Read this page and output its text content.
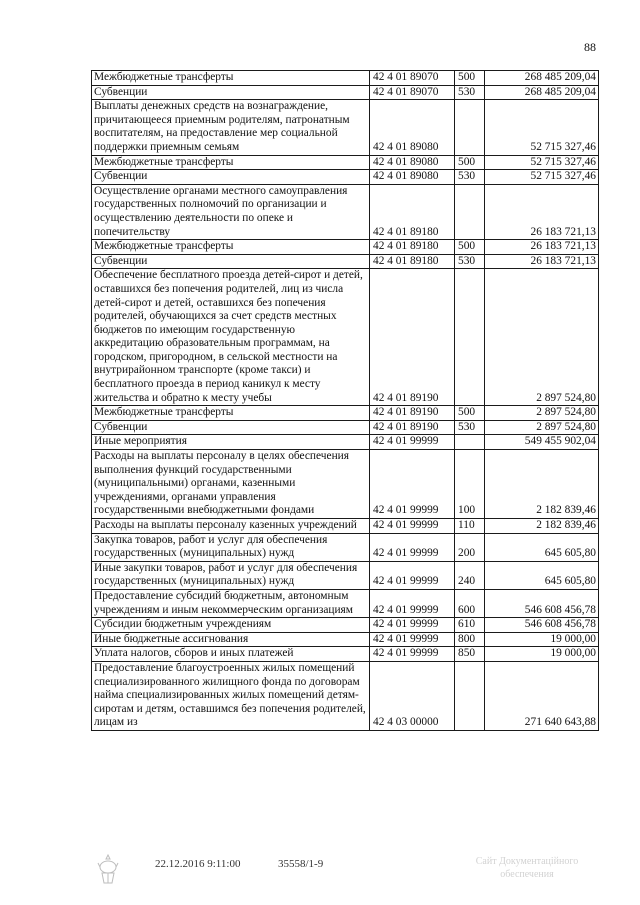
88
Межбюджетные трансферты	42 4 01 89070	500	268 485 209,04
Субвенции	42 4 01 89070	530	268 485 209,04
Выплаты денежных средств на вознаграждение, причитающееся приемным родителям, патронатным воспитателям, на предоставление мер социальной поддержки приемным семьям	42 4 01 89080		52 715 327,46
Межбюджетные трансферты	42 4 01 89080	500	52 715 327,46
Субвенции	42 4 01 89080	530	52 715 327,46
Осуществление органами местного самоуправления государственных полномочий по организации и осуществлению деятельности по опеке и попечительству	42 4 01 89180		26 183 721,13
Межбюджетные трансферты	42 4 01 89180	500	26 183 721,13
Субвенции	42 4 01 89180	530	26 183 721,13
Обеспечение бесплатного проезда детей-сирот и детей, оставшихся без попечения родителей, лиц из числа детей-сирот и детей, оставшихся без попечения родителей, обучающихся за счет средств местных бюджетов по имеющим государственную аккредитацию образовательным программам, на городском, пригородном, в сельской местности на внутрирайонном транспорте (кроме такси) и бесплатного проезда в период каникул к месту жительства и обратно к месту учебы	42 4 01 89190		2 897 524,80
Межбюджетные трансферты	42 4 01 89190	500	2 897 524,80
Субвенции	42 4 01 89190	530	2 897 524,80
Иные мероприятия	42 4 01 99999		549 455 902,04
Расходы на выплаты персоналу в целях обеспечения выполнения функций государственными (муниципальными) органами, казенными учреждениями, органами управления государственными внебюджетными фондами	42 4 01 99999	100	2 182 839,46
Расходы на выплаты персоналу казенных учреждений	42 4 01 99999	110	2 182 839,46
Закупка товаров, работ и услуг для обеспечения государственных (муниципальных) нужд	42 4 01 99999	200	645 605,80
Иные закупки товаров, работ и услуг для обеспечения государственных (муниципальных) нужд	42 4 01 99999	240	645 605,80
Предоставление субсидий бюджетным, автономным учреждениям и иным некоммерческим организациям	42 4 01 99999	600	546 608 456,78
Субсидии бюджетным учреждениям	42 4 01 99999	610	546 608 456,78
Иные бюджетные ассигнования	42 4 01 99999	800	19 000,00
Уплата налогов, сборов и иных платежей	42 4 01 99999	850	19 000,00
Предоставление благоустроенных жилых помещений специализированного жилищного фонда по договорам найма специализированных жилых помещений детям-сиротам и детям, оставшимся без попечения родителей, лицам из	42 4 03 00000		271 640 643,88
22.12.2016 9:11:00	35558/1-9	Сайт Документаційного
обеспечения
